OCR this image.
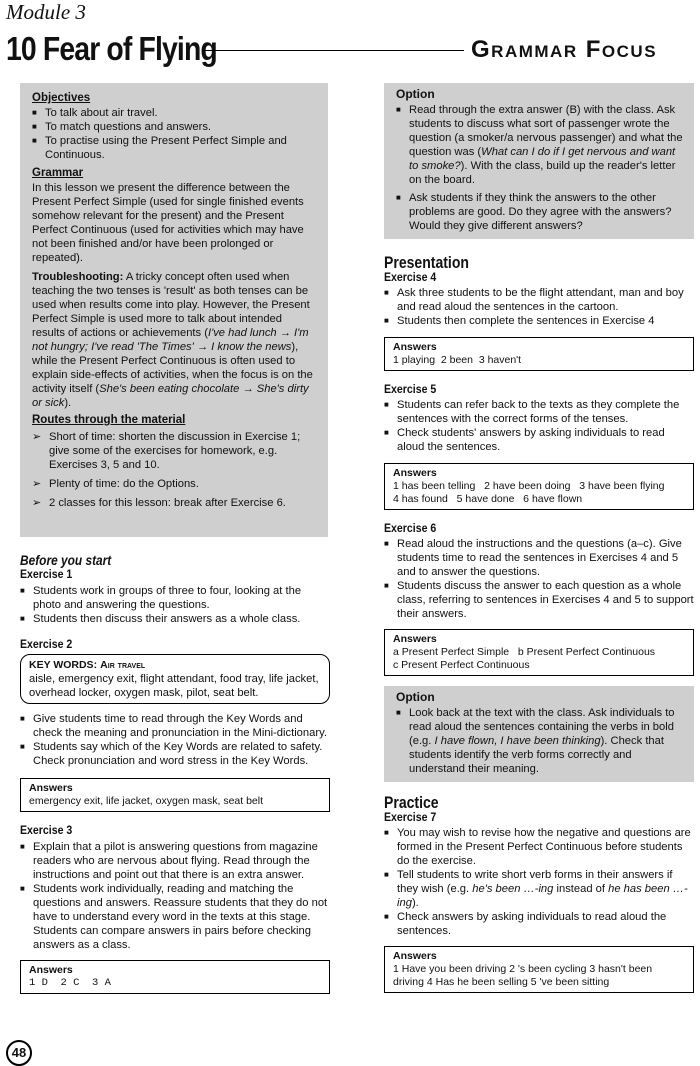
Module 3
10 Fear of Flying	Grammar Focus
Objectives
■ To talk about air travel.
■ To match questions and answers.
■ To practise using the Present Perfect Simple and Continuous.
Grammar

In this lesson we present the difference between the Present Perfect Simple (used for single finished events somehow relevant for the present) and the Present Perfect Continuous (used for activities which may have not been finished and/or have been prolonged or repeated).

Troubleshooting: A tricky concept often used when teaching the two tenses is 'result' as both tenses can be used when results come into play. However, the Present Perfect Simple is used more to talk about intended results of actions or achievements (I've had lunch → I'm not hungry; I've read 'The Times' → I know the news), while the Present Perfect Continuous is often used to explain side-effects of activities, when the focus is on the activity itself (She's been eating chocolate → She's dirty or sick).

Routes through the material
➢ Short of time: shorten the discussion in Exercise 1; give some of the exercises for homework, e.g. Exercises 3, 5 and 10.
➢ Plenty of time: do the Options.
➢ 2 classes for this lesson: break after Exercise 6.
Before you start
Exercise 1
■ Students work in groups of three to four, looking at the photo and answering the questions.
■ Students then discuss their answers as a whole class.
Exercise 2
KEY WORDS: Air travel
aisle, emergency exit, flight attendant, food tray, life jacket, overhead locker, oxygen mask, pilot, seat belt.
■ Give students time to read through the Key Words and check the meaning and pronunciation in the Mini-dictionary.
■ Students say which of the Key Words are related to safety. Check pronunciation and word stress in the Key Words.
Answers
emergency exit, life jacket, oxygen mask, seat belt
Exercise 3
■ Explain that a pilot is answering questions from magazine readers who are nervous about flying. Read through the instructions and point out that there is an extra answer.
■ Students work individually, reading and matching the questions and answers. Reassure students that they do not have to understand every word in the texts at this stage. Students can compare answers in pairs before checking answers as a class.
Answers
1 D  2 C  3 A
Option
■ Read through the extra answer (B) with the class. Ask students to discuss what sort of passenger wrote the question (a smoker/a nervous passenger) and what the question was (What can I do if I get nervous and want to smoke?). With the class, build up the reader's letter on the board.
■ Ask students if they think the answers to the other problems are good. Do they agree with the answers? Would they give different answers?
Presentation
Exercise 4
■ Ask three students to be the flight attendant, man and boy and read aloud the sentences in the cartoon.
■ Students then complete the sentences in Exercise 4
Answers
1 playing  2 been  3 haven't
Exercise 5
■ Students can refer back to the texts as they complete the sentences with the correct forms of the tenses.
■ Check students' answers by asking individuals to read aloud the sentences.
Answers
1 has been telling   2 have been doing   3 have been flying
4 has found   5 have done   6 have flown
Exercise 6
■ Read aloud the instructions and the questions (a–c). Give students time to read the sentences in Exercises 4 and 5 and to answer the questions.
■ Students discuss the answer to each question as a whole class, referring to sentences in Exercises 4 and 5 to support their answers.
Answers
a Present Perfect Simple   b Present Perfect Continuous
c Present Perfect Continuous
Option
■ Look back at the text with the class. Ask individuals to read aloud the sentences containing the verbs in bold (e.g. I have flown, I have been thinking). Check that students identify the verb forms correctly and understand their meaning.
Practice
Exercise 7
■ You may wish to revise how the negative and questions are formed in the Present Perfect Continuous before students do the exercise.
■ Tell students to write short verb forms in their answers if they wish (e.g. he's been …-ing instead of he has been …-ing).
■ Check answers by asking individuals to read aloud the sentences.
Answers
1 Have you been driving 2 's been cycling 3 hasn't been driving 4 Has he been selling 5 've been sitting
48
